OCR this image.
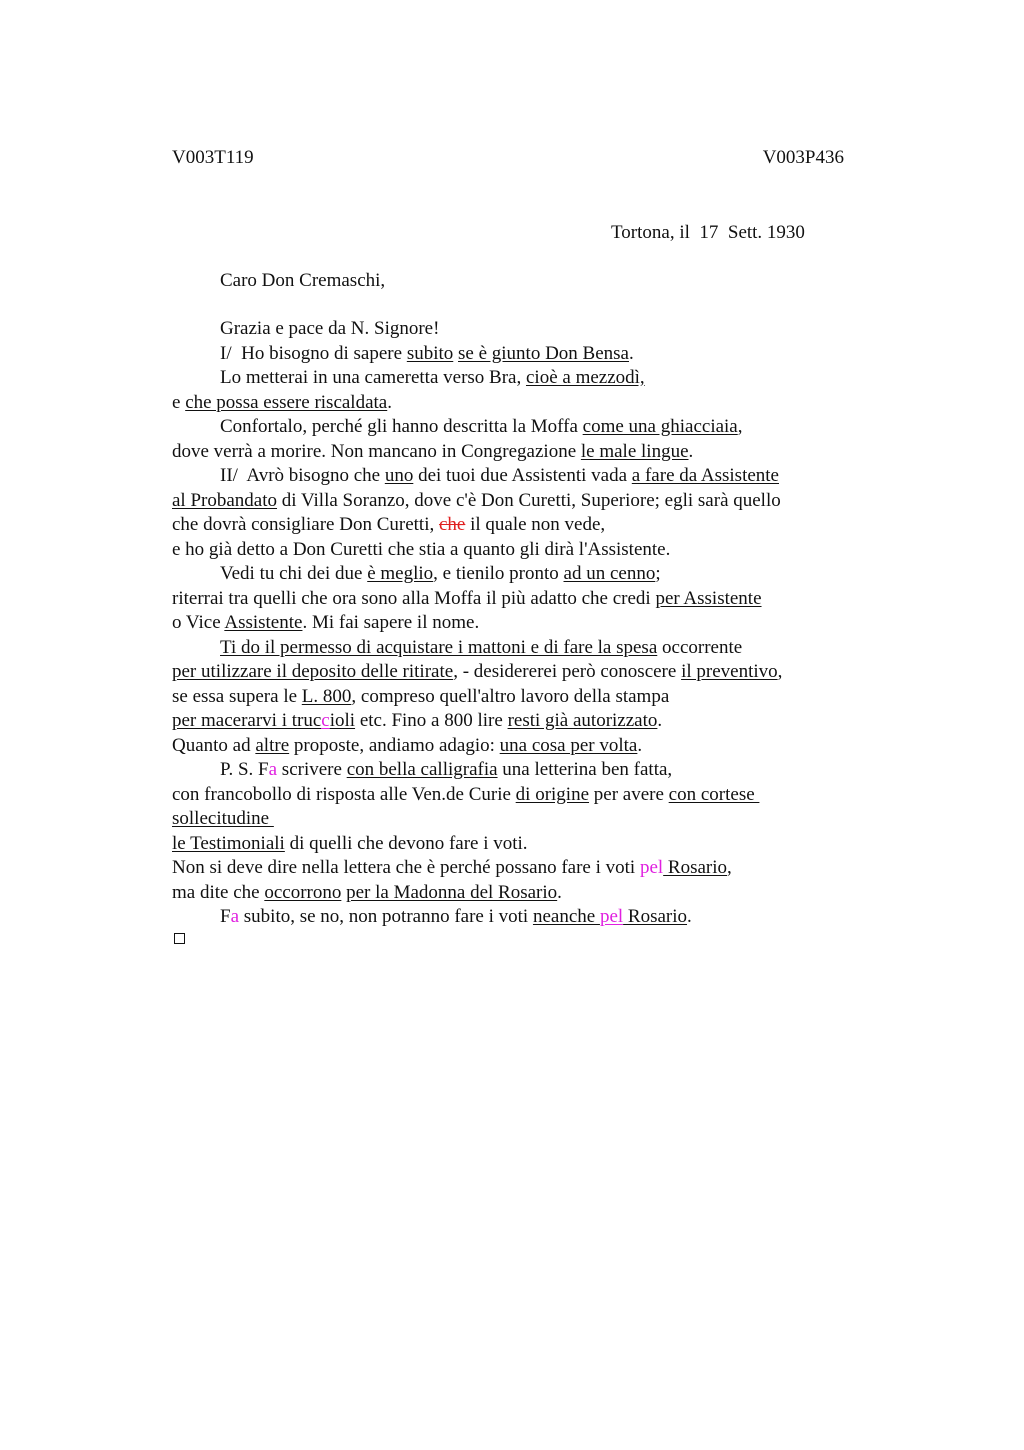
V003T119	V003P436
Tortona, il  17  Sett. 1930
Caro Don Cremaschi,
Grazia e pace da N. Signore!
I/  Ho bisogno di sapere subito se è giunto Don Bensa.
Lo metterai in una cameretta verso Bra, cioè a mezzodì,
e che possa essere riscaldata.
Confortalo, perché gli hanno descritta la Moffa come una ghiacciaia,
dove verrà a morire. Non mancano in Congregazione le male lingue.
II/  Avrò bisogno che uno dei tuoi due Assistenti vada a fare da Assistente
al Probandato di Villa Soranzo, dove c'è Don Curetti, Superiore; egli sarà quello
che dovrà consigliare Don Curetti, che il quale non vede,
e ho già detto a Don Curetti che stia a quanto gli dirà l'Assistente.
Vedi tu chi dei due è meglio, e tienilo pronto ad un cenno;
riterrai tra quelli che ora sono alla Moffa il più adatto che credi per Assistente
o Vice Assistente. Mi fai sapere il nome.
Ti do il permesso di acquistare i mattoni e di fare la spesa occorrente
per utilizzare il deposito delle ritirate, - desidererei però conoscere il preventivo,
se essa supera le L. 800, compreso quell'altro lavoro della stampa
per macerarvi i truccioli etc. Fino a 800 lire resti già autorizzato.
Quanto ad altre proposte, andiamo adagio: una cosa per volta.
P. S. Fa scrivere con bella calligrafia una letterina ben fatta,
con francobollo di risposta alle Ven.de Curie di origine per avere con cortese
sollecitudine
le Testimoniali di quelli che devono fare i voti.
Non si deve dire nella lettera che è perché possano fare i voti pel Rosario,
ma dite che occorrono per la Madonna del Rosario.
Fa subito, se no, non potranno fare i voti neanche pel Rosario.
